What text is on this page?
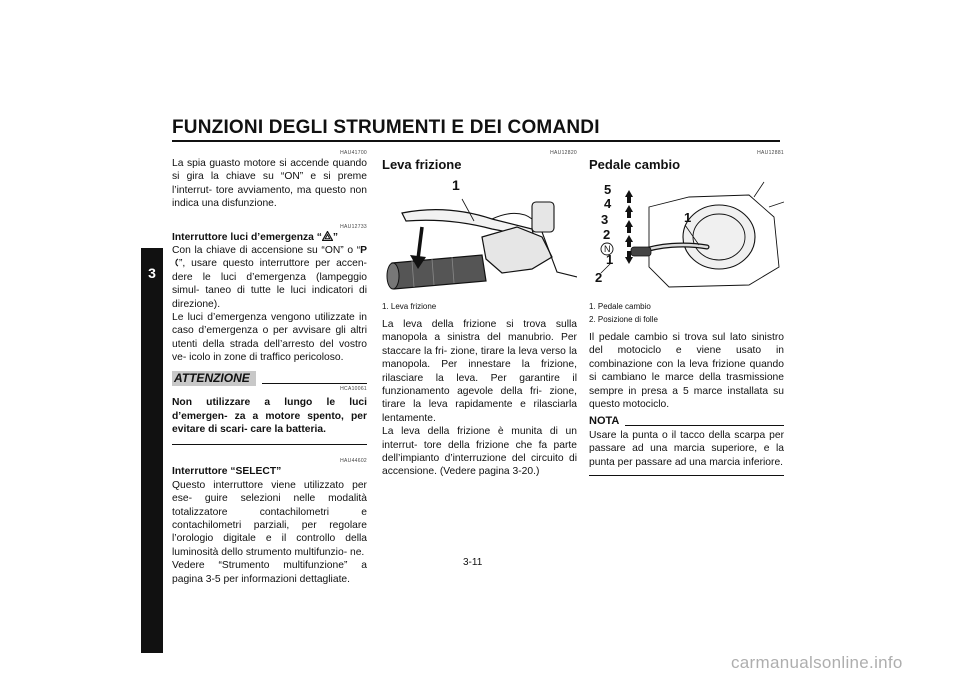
FUNZIONI DEGLI STRUMENTI E DEI COMANDI
3
HAU41700

La spia guasto motore si accende quando si gira la chiave su “ON” e si preme l’interrut- tore avviamento, ma questo non indica una disfunzione.

HAU12733

Interruttore luci d’emergenza “ ”

Con la chiave di accensione su “ON” o “P”, usare questo interruttore per accen- dere le luci d’emergenza (lampeggio simul- taneo di tutte le luci indicatori di direzione).

Le luci d’emergenza vengono utilizzate in caso d’emergenza o per avvisare gli altri utenti della strada dell’arresto del vostro ve- icolo in zone di traffico pericoloso.

ATTENZIONE
HCA10061

Non utilizzare a lungo le luci d’emergen- za a motore spento, per evitare di scari- care la batteria.

HAU44602

Interruttore “SELECT”

Questo interruttore viene utilizzato per ese- guire selezioni nelle modalità totalizzatore contachilometri e contachilometri parziali, per regolare l’orologio digitale e il controllo della luminosità dello strumento multifunzio- ne.

Vedere “Strumento multifunzione” a pagina 3-5 per informazioni dettagliate.

HAU12820

Leva frizione

1

1. Leva frizione

La leva della frizione si trova sulla manopola a sinistra del manubrio. Per staccare la fri- zione, tirare la leva verso la manopola. Per innestare la frizione, rilasciare la leva. Per garantire il funzionamento agevole della fri- zione, tirare la leva rapidamente e rilasciarla lentamente.

La leva della frizione è munita di un interrut- tore della frizione che fa parte dell’impianto d’interruzione del circuito di accensione. (Vedere pagina 3-20.)

HAU12881

Pedale cambio

5
4
3
2
N
1
1
2

1. Pedale cambio

2. Posizione di folle

Il pedale cambio si trova sul lato sinistro del motociclo e viene usato in combinazione con la leva frizione quando si cambiano le marce della trasmissione sempre in presa a 5 marce installata su questo motociclo.

NOTA

Usare la punta o il tacco della scarpa per passare ad una marcia superiore, e la punta per passare ad una marcia inferiore.

3-11
carmanualsonline.info
